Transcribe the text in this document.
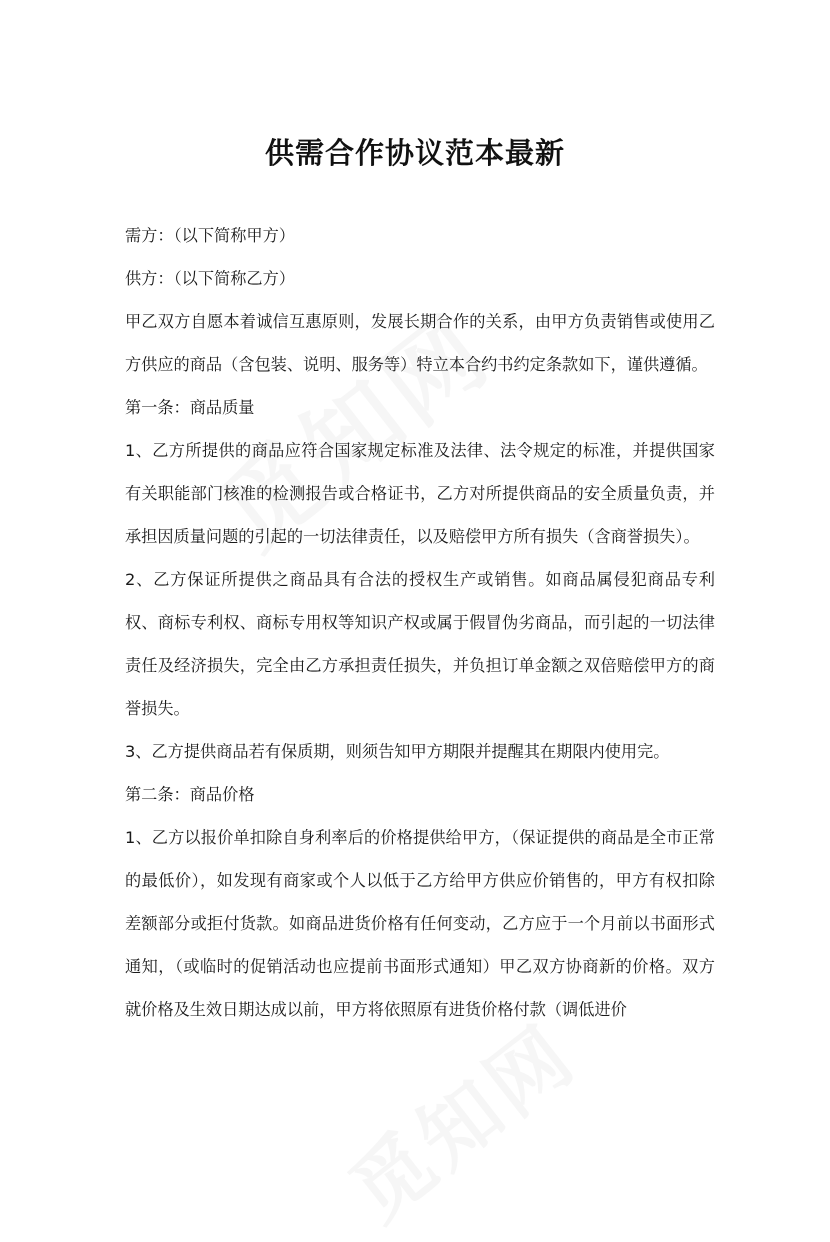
供需合作协议范本最新

需方：（以下简称甲方）

供方：（以下简称乙方）

甲乙双方自愿本着诚信互惠原则，发展长期合作的关系，由甲方负责销售或使用乙方供应的商品（含包装、说明、服务等）特立本合约书约定条款如下，谨供遵循。

第一条：商品质量

1、乙方所提供的商品应符合国家规定标准及法律、法令规定的标准，并提供国家有关职能部门核准的检测报告或合格证书，乙方对所提供商品的安全质量负责，并承担因质量问题的引起的一切法律责任，以及赔偿甲方所有损失（含商誉损失）。

2、乙方保证所提供之商品具有合法的授权生产或销售。如商品属侵犯商品专利权、商标专利权、商标专用权等知识产权或属于假冒伪劣商品，而引起的一切法律责任及经济损失，完全由乙方承担责任损失，并负担订单金额之双倍赔偿甲方的商誉损失。

3、乙方提供商品若有保质期，则须告知甲方期限并提醒其在期限内使用完。

第二条：商品价格

1、乙方以报价单扣除自身利率后的价格提供给甲方，（保证提供的商品是全市正常的最低价），如发现有商家或个人以低于乙方给甲方供应价销售的，甲方有权扣除差额部分或拒付货款。如商品进货价格有任何变动，乙方应于一个月前以书面形式通知，（或临时的促销活动也应提前书面形式通知）甲乙双方协商新的价格。双方就价格及生效日期达成以前，甲方将依照原有进货价格付款（调低进价
